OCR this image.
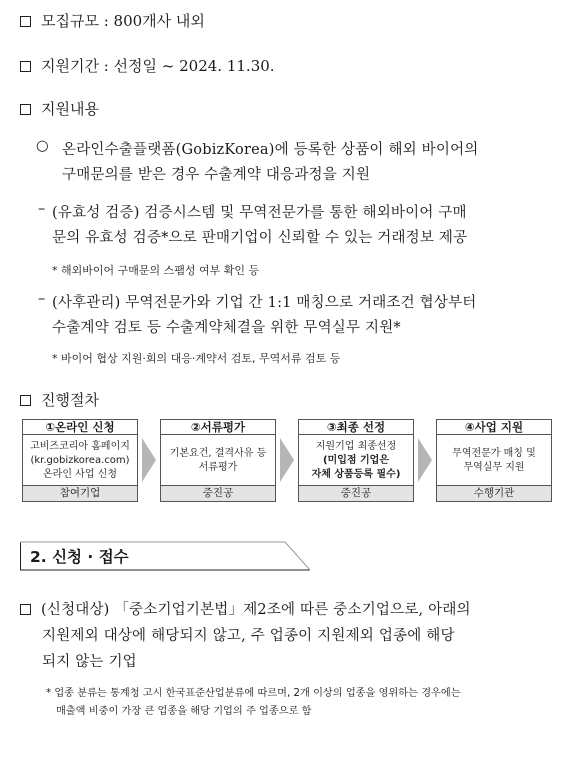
모집규모 : 800개사 내외
지원기간 : 선정일 ~ 2024. 11.30.
지원내용
○ 온라인수출플랫폼(GobizKorea)에 등록한 상품이 해외 바이어의
구매문의를 받은 경우 수출계약 대응과정을 지원
– (유효성 검증) 검증시스템 및 무역전문가를 통한 해외바이어 구매
문의 유효성 검증*으로 판매기업이 신뢰할 수 있는 거래정보 제공
* 해외바이어 구매문의 스팸성 여부 확인 등
– (사후관리) 무역전문가와 기업 간 1:1 매칭으로 거래조건 협상부터
수출계약 검토 등 수출계약체결을 위한 무역실무 지원*
* 바이어 협상 지원·회의 대응·계약서 검토, 무역서류 검토 등
진행절차
①온라인 신청
고비즈코리아 홈페이지
(kr.gobizkorea.com)
온라인 사업 신청
참여기업
②서류평가
기본요건, 결격사유 등
서류평가
중진공
③최종 선정
지원기업 최종선정
(미입점 기업은
자체 상품등록 필수)
중진공
④사업 지원
무역전문가 매칭 및
무역실무 지원
수행기관
2. 신청 · 접수
(신청대상) 「중소기업기본법」제2조에 따른 중소기업으로, 아래의
지원제외 대상에 해당되지 않고, 주 업종이 지원제외 업종에 해당
되지 않는 기업
* 업종 분류는 통계청 고시 한국표준산업분류에 따르며, 2개 이상의 업종을 영위하는 경우에는
매출액 비중이 가장 큰 업종을 해당 기업의 주 업종으로 함
